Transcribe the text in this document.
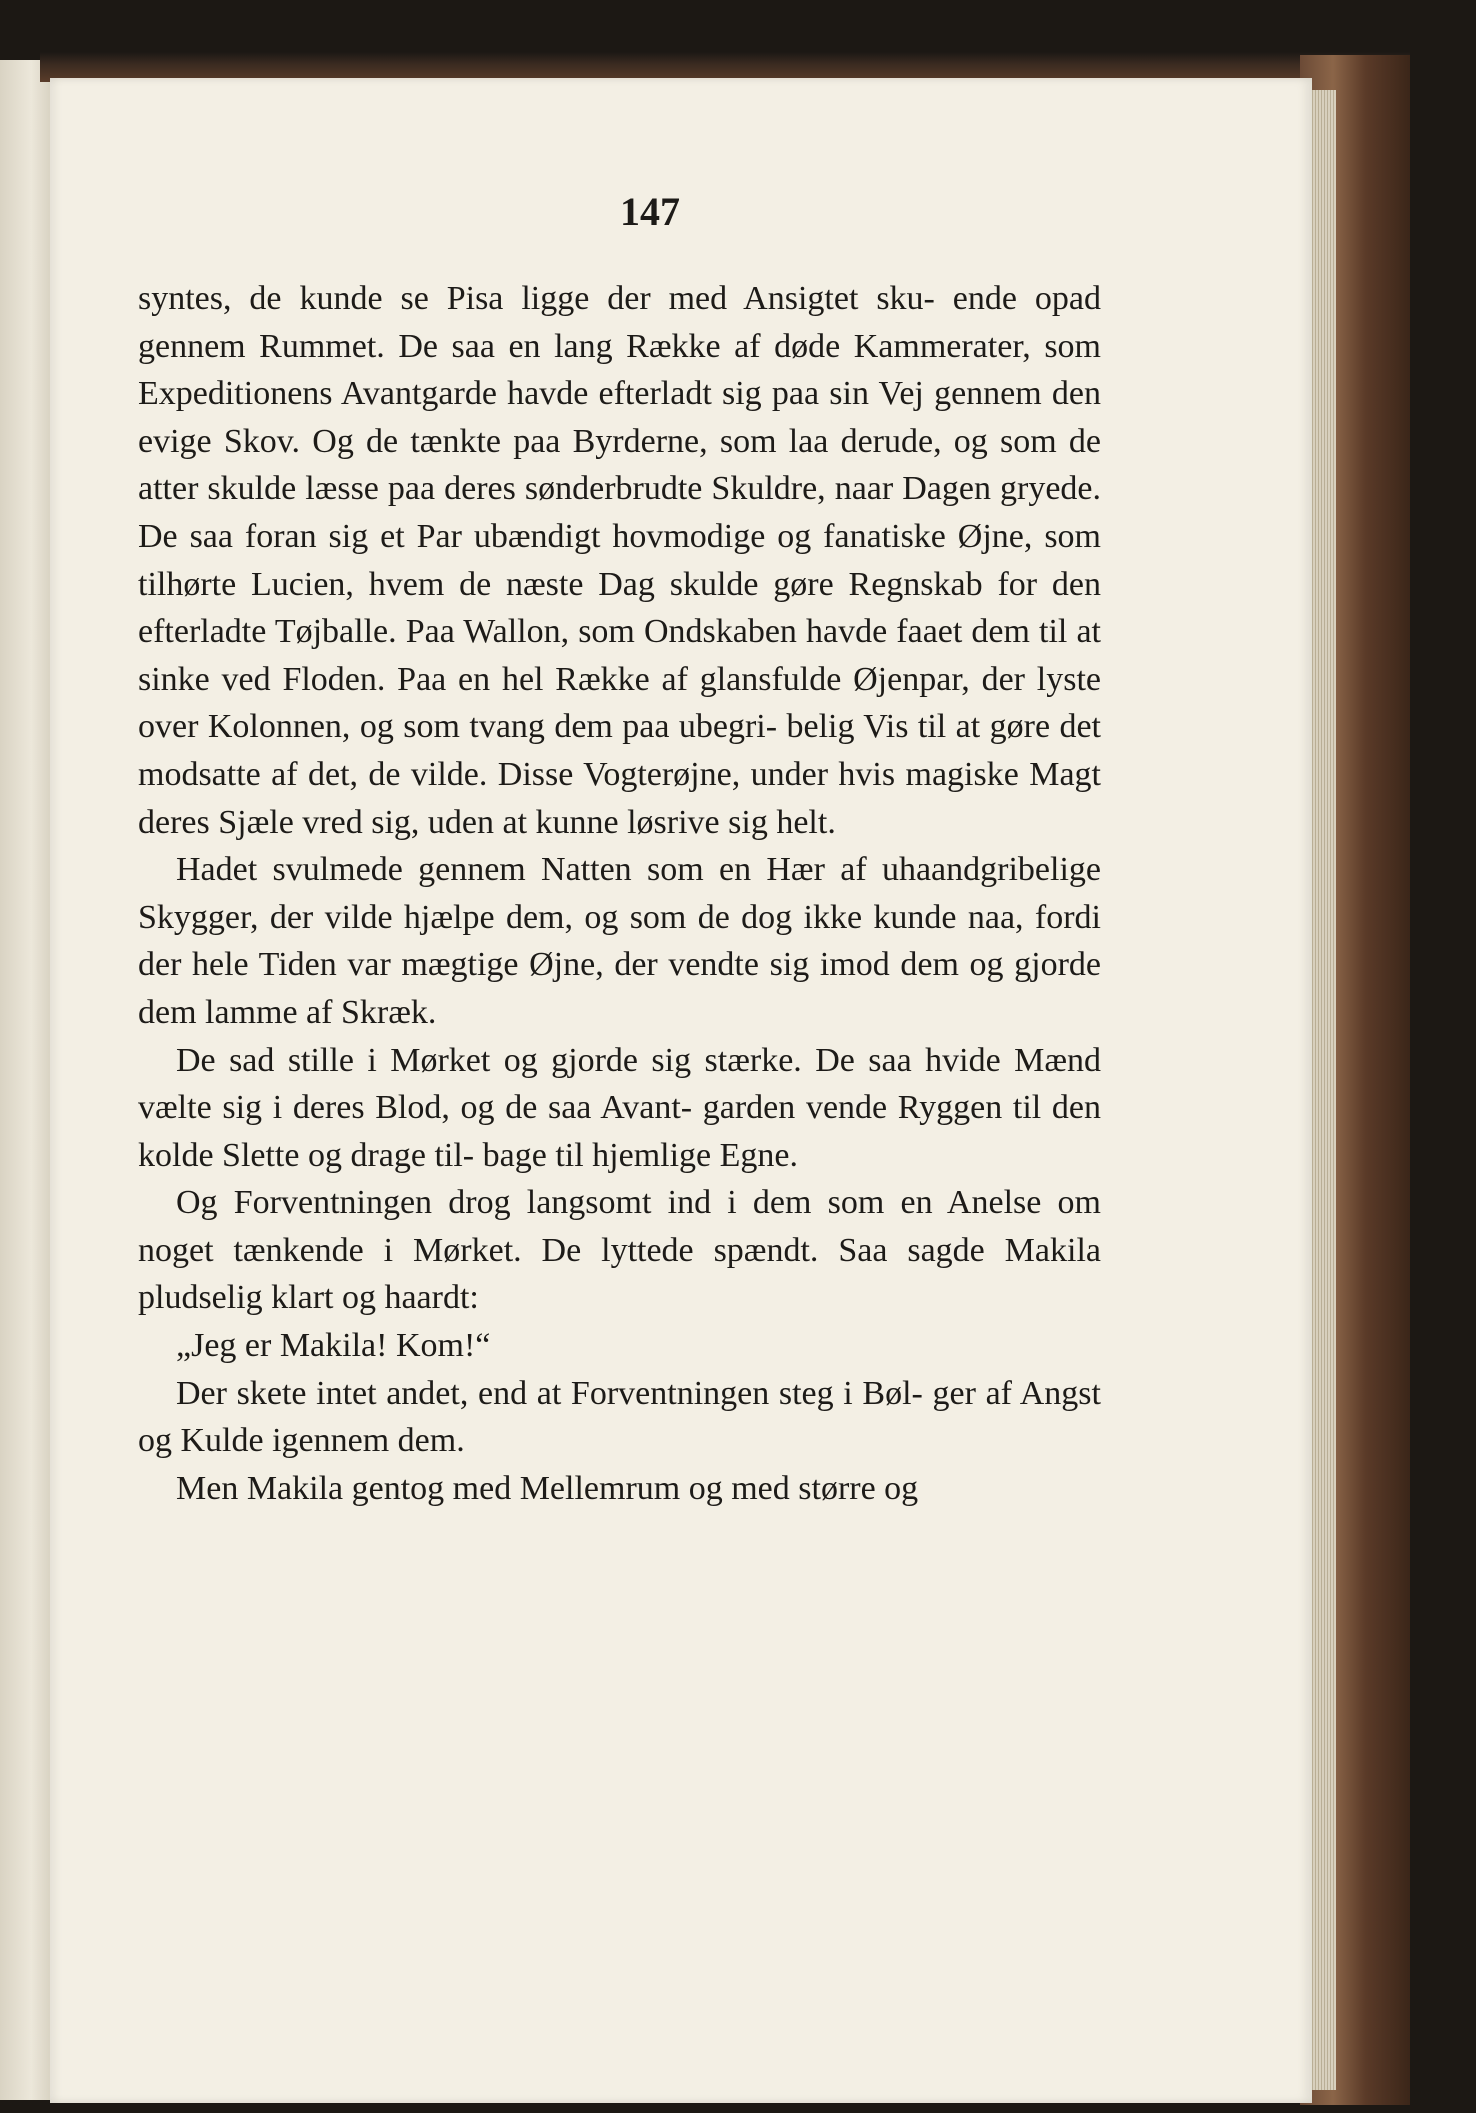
147

syntes, de kunde se Pisa ligge der med Ansigtet sku- ende opad gennem Rummet. De saa en lang Række af døde Kammerater, som Expeditionens Avantgarde havde efterladt sig paa sin Vej gennem den evige Skov. Og de tænkte paa Byrderne, som laa derude, og som de atter skulde læsse paa deres sønderbrudte Skuldre, naar Dagen gryede. De saa foran sig et Par ubændigt hovmodige og fanatiske Øjne, som tilhørte Lucien, hvem de næste Dag skulde gøre Regnskab for den efterladte Tøjballe. Paa Wallon, som Ondskaben havde faaet dem til at sinke ved Floden. Paa en hel Række af glansfulde Øjenpar, der lyste over Kolonnen, og som tvang dem paa ubegri- belig Vis til at gøre det modsatte af det, de vilde. Disse Vogterøjne, under hvis magiske Magt deres Sjæle vred sig, uden at kunne løsrive sig helt.

Hadet svulmede gennem Natten som en Hær af uhaandgribelige Skygger, der vilde hjælpe dem, og som de dog ikke kunde naa, fordi der hele Tiden var mægtige Øjne, der vendte sig imod dem og gjorde dem lamme af Skræk.

De sad stille i Mørket og gjorde sig stærke. De saa hvide Mænd vælte sig i deres Blod, og de saa Avant- garden vende Ryggen til den kolde Slette og drage til- bage til hjemlige Egne.

Og Forventningen drog langsomt ind i dem som en Anelse om noget tænkende i Mørket. De lyttede spændt. Saa sagde Makila pludselig klart og haardt:

„Jeg er Makila! Kom!“

Der skete intet andet, end at Forventningen steg i Bøl- ger af Angst og Kulde igennem dem.

Men Makila gentog med Mellemrum og med større og
